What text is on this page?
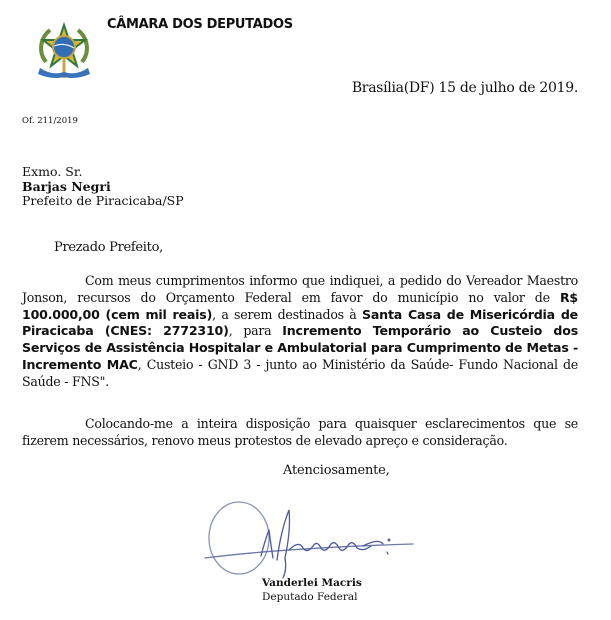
CÂMARA DOS DEPUTADOS
Brasília(DF) 15 de julho de 2019.
Of. 211/2019
Exmo. Sr.
Barjas Negri
Prefeito de Piracicaba/SP
Prezado Prefeito,
Com meus cumprimentos informo que indiquei, a pedido do Vereador Maestro Jonson, recursos do Orçamento Federal em favor do município no valor de R$ 100.000,00 (cem mil reais), a serem destinados à Santa Casa de Misericórdia de Piracicaba (CNES: 2772310), para Incremento Temporário ao Custeio dos Serviços de Assistência Hospitalar e Ambulatorial para Cumprimento de Metas - Incremento MAC, Custeio - GND 3 - junto ao Ministério da Saúde- Fundo Nacional de Saúde - FNS".
Colocando-me a inteira disposição para quaisquer esclarecimentos que se fizerem necessários, renovo meus protestos de elevado apreço e consideração.
Atenciosamente,
Vanderlei Macris
Deputado Federal
